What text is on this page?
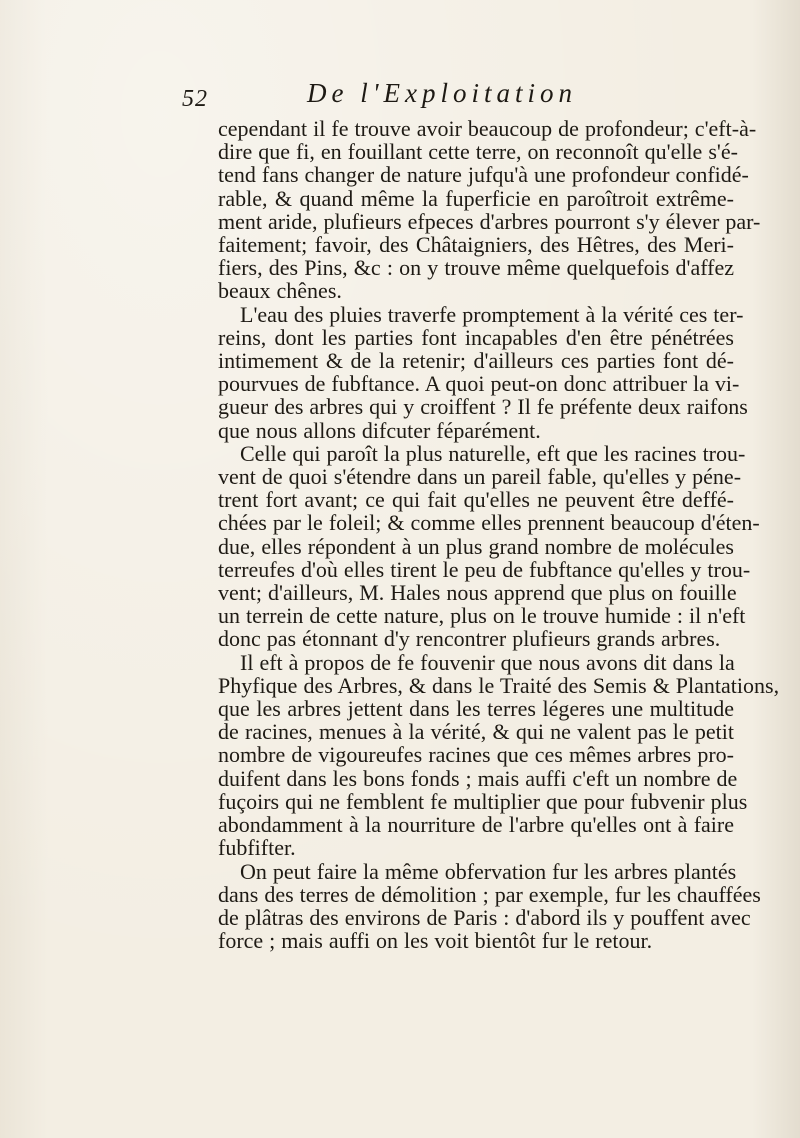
52	De l'Exploitation

cependant il fe trouve avoir beaucoup de profondeur; c'eft-à-
dire que fi, en fouillant cette terre, on reconnoît qu'elle s'é-
tend fans changer de nature jufqu'à une profondeur confidé-
rable, & quand même la fuperficie en paroîtroit extrême-
ment aride, plufieurs efpeces d'arbres pourront s'y élever par-
faitement; favoir, des Châtaigniers, des Hêtres, des Meri-
fiers, des Pins, &c : on y trouve même quelquefois d'affez
beaux chênes.

L'eau des pluies traverfe promptement à la vérité ces ter-
reins, dont les parties font incapables d'en être pénétrées
intimement & de la retenir; d'ailleurs ces parties font dé-
pourvues de fubftance. A quoi peut-on donc attribuer la vi-
gueur des arbres qui y croiffent ? Il fe préfente deux raifons
que nous allons difcuter féparément.

Celle qui paroît la plus naturelle, eft que les racines trou-
vent de quoi s'étendre dans un pareil fable, qu'elles y péne-
trent fort avant; ce qui fait qu'elles ne peuvent être deffé-
chées par le foleil; & comme elles prennent beaucoup d'éten-
due, elles répondent à un plus grand nombre de molécules
terreufes d'où elles tirent le peu de fubftance qu'elles y trou-
vent; d'ailleurs, M. Hales nous apprend que plus on fouille
un terrein de cette nature, plus on le trouve humide : il n'eft
donc pas étonnant d'y rencontrer plufieurs grands arbres.

Il eft à propos de fe fouvenir que nous avons dit dans la
Phyfique des Arbres, & dans le Traité des Semis & Plantations,
que les arbres jettent dans les terres légeres une multitude
de racines, menues à la vérité, & qui ne valent pas le petit
nombre de vigoureufes racines que ces mêmes arbres pro-
duifent dans les bons fonds ; mais auffi c'eft un nombre de
fuçoirs qui ne femblent fe multiplier que pour fubvenir plus
abondamment à la nourriture de l'arbre qu'elles ont à faire
fubfifter.

On peut faire la même obfervation fur les arbres plantés
dans des terres de démolition ; par exemple, fur les chauffées
de plâtras des environs de Paris : d'abord ils y pouffent avec
force ; mais auffi on les voit bientôt fur le retour.
